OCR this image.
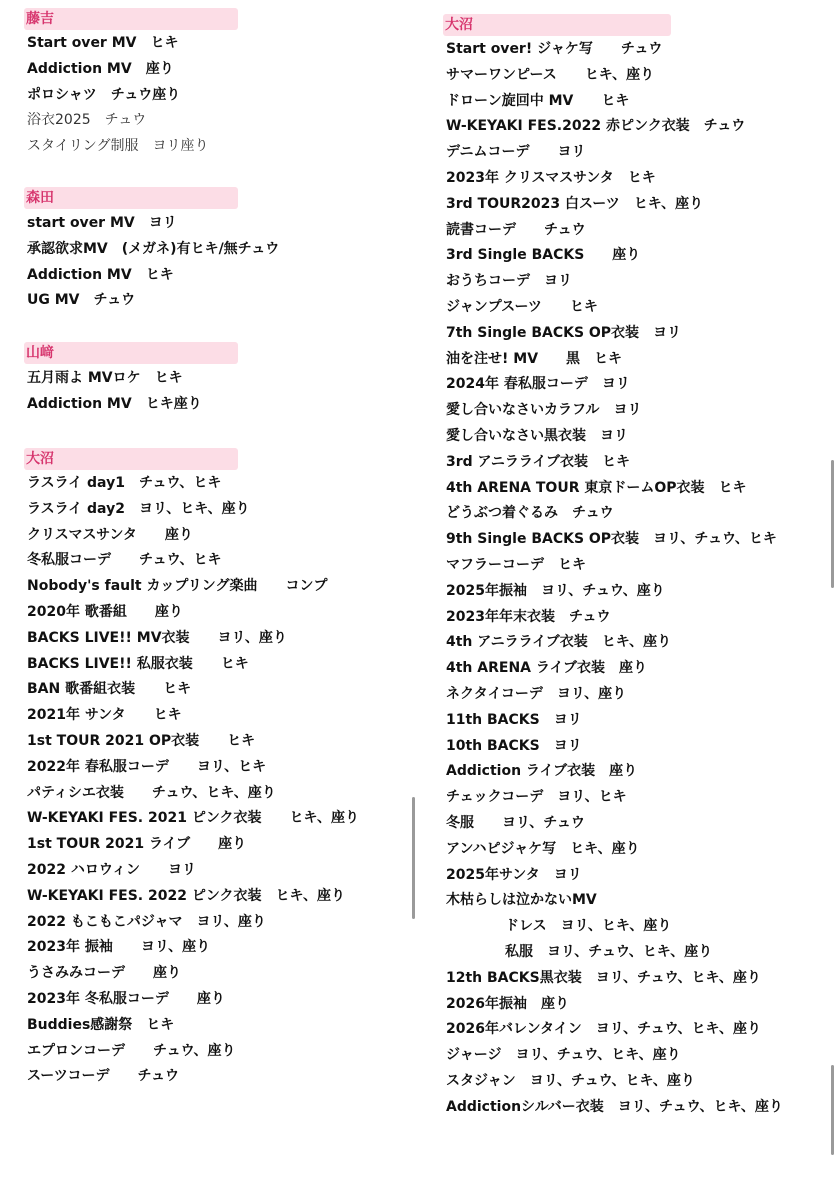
藤吉
Start over MV　ヒキ
Addiction MV　座り
ポロシャツ　チュウ座り
浴衣2025　チュウ
スタイリング制服　ヨリ座り
森田
start over MV　ヨリ
承認欲求MV　(メガネ)有ヒキ/無チュウ
Addiction MV　ヒキ
UG MV　チュウ
山﨑
五月雨よ MVロケ　ヒキ
Addiction MV　ヒキ座り
大沼
ラスライ day1　チュウ、ヒキ
ラスライ day2　ヨリ、ヒキ、座り
クリスマスサンタ　　座り
冬私服コーデ　　チュウ、ヒキ
Nobody's fault カップリング楽曲　　コンプ
2020年 歌番組　　座り
BACKS LIVE!! MV衣装　　ヨリ、座り
BACKS LIVE!! 私服衣装　　ヒキ
BAN 歌番組衣装　　ヒキ
2021年 サンタ　　ヒキ
1st TOUR 2021 OP衣装　　ヒキ
2022年 春私服コーデ　　ヨリ、ヒキ
パティシエ衣装　　チュウ、ヒキ、座り
W-KEYAKI FES. 2021 ピンク衣装　　ヒキ、座り
1st TOUR 2021 ライブ　　座り
2022 ハロウィン　　ヨリ
W-KEYAKI FES. 2022 ピンク衣装　ヒキ、座り
2022 もこもこパジャマ　ヨリ、座り
2023年 振袖　　ヨリ、座り
うさみみコーデ　　座り
2023年 冬私服コーデ　　座り
Buddies感謝祭　ヒキ
エプロンコーデ　　チュウ、座り
スーツコーデ　　チュウ
大沼
Start over! ジャケ写　　チュウ
サマーワンピース　　ヒキ、座り
ドローン旋回中 MV　　ヒキ
W-KEYAKI FES.2022 赤ピンク衣装　チュウ
デニムコーデ　　ヨリ
2023年 クリスマスサンタ　ヒキ
3rd TOUR2023 白スーツ　ヒキ、座り
読書コーデ　　チュウ
3rd Single BACKS　　座り
おうちコーデ　ヨリ
ジャンプスーツ　　ヒキ
7th Single BACKS OP衣装　ヨリ
油を注せ! MV　　黒　ヒキ
2024年 春私服コーデ　ヨリ
愛し合いなさいカラフル　ヨリ
愛し合いなさい黒衣装　ヨリ
3rd アニラライブ衣装　ヒキ
4th ARENA TOUR 東京ドームOP衣装　ヒキ
どうぶつ着ぐるみ　チュウ
9th Single BACKS OP衣装　ヨリ、チュウ、ヒキ
マフラーコーデ　ヒキ
2025年振袖　ヨリ、チュウ、座り
2023年年末衣装　チュウ
4th アニラライブ衣装　ヒキ、座り
4th ARENA ライブ衣装　座り
ネクタイコーデ　ヨリ、座り
11th BACKS　ヨリ
10th BACKS　ヨリ
Addiction ライブ衣装　座り
チェックコーデ　ヨリ、ヒキ
冬服　　ヨリ、チュウ
アンハピジャケ写　ヒキ、座り
2025年サンタ　ヨリ
木枯らしは泣かないMV
ドレス　ヨリ、ヒキ、座り
私服　ヨリ、チュウ、ヒキ、座り
12th BACKS黒衣装　ヨリ、チュウ、ヒキ、座り
2026年振袖　座り
2026年バレンタイン　ヨリ、チュウ、ヒキ、座り
ジャージ　ヨリ、チュウ、ヒキ、座り
スタジャン　ヨリ、チュウ、ヒキ、座り
Addictionシルバー衣装　ヨリ、チュウ、ヒキ、座り
